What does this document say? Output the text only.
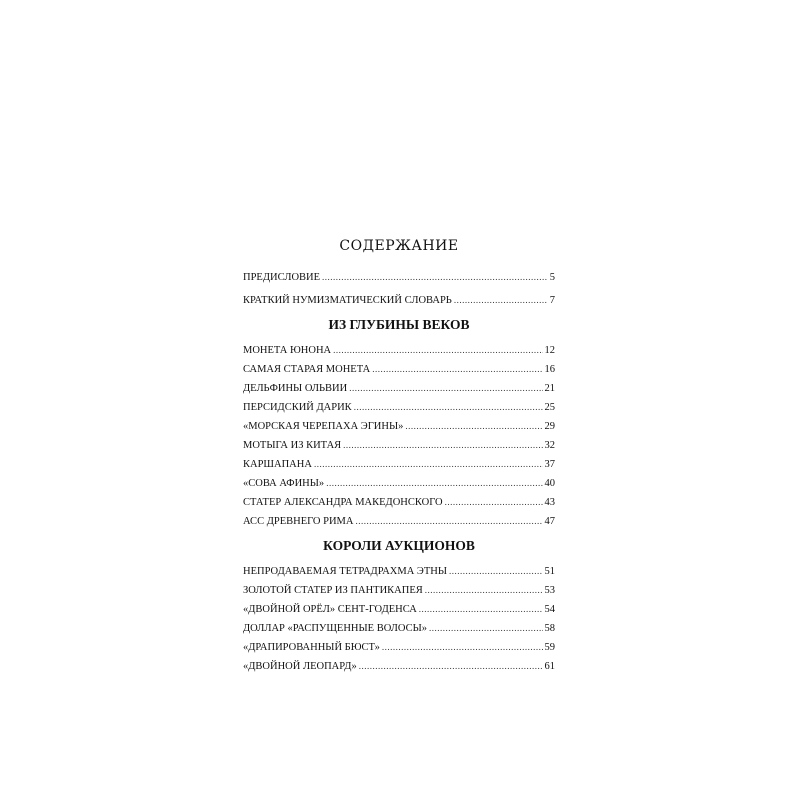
СОДЕРЖАНИЕ
ПРЕДИСЛОВИЕ .....	5
КРАТКИЙ НУМИЗМАТИЧЕСКИЙ СЛОВАРЬ .....	7
ИЗ ГЛУБИНЫ ВЕКОВ
МОНЕТА ЮНОНА .....	12
САМАЯ СТАРАЯ МОНЕТА .....	16
ДЕЛЬФИНЫ ОЛЬВИИ .....	21
ПЕРСИДСКИЙ ДАРИК .....	25
«МОРСКАЯ ЧЕРЕПАХА ЭГИНЫ» .....	29
МОТЫГА ИЗ КИТАЯ .....	32
КАРШАПАНА .....	37
«СОВА АФИНЫ» .....	40
СТАТЕР АЛЕКСАНДРА МАКЕДОНСКОГО .....	43
АСС ДРЕВНЕГО РИМА .....	47
КОРОЛИ АУКЦИОНОВ
НЕПРОДАВАЕМАЯ ТЕТРАДРАХМА ЭТНЫ .....	51
ЗОЛОТОЙ СТАТЕР ИЗ ПАНТИКАПЕЯ .....	53
«ДВОЙНОЙ ОРЁЛ» СЕНТ-ГОДЕНСА .....	54
ДОЛЛАР «РАСПУЩЕННЫЕ ВОЛОСЫ» .....	58
«ДРАПИРОВАННЫЙ БЮСТ» .....	59
«ДВОЙНОЙ ЛЕОПАРД» .....	61
